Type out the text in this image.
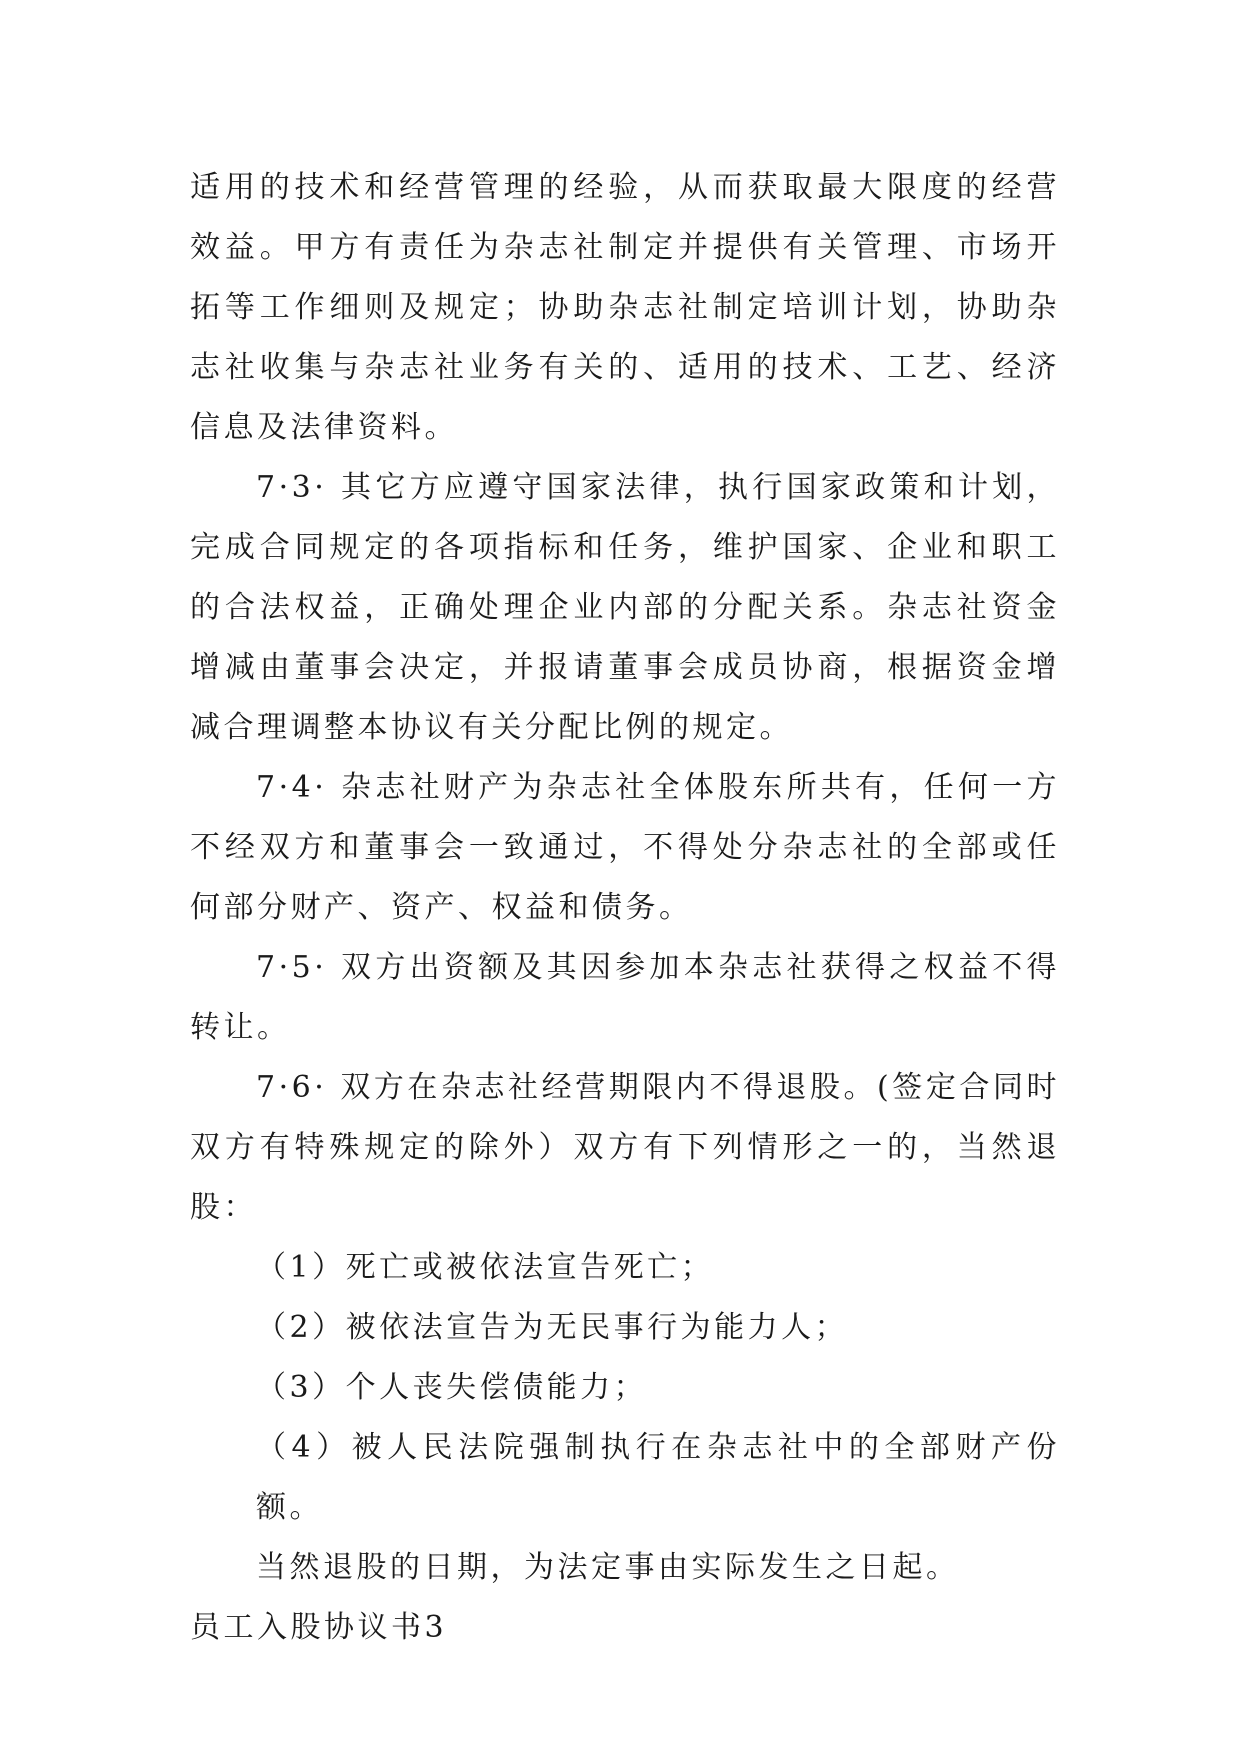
适用的技术和经营管理的经验，从而获取最大限度的经营效益。甲方有责任为杂志社制定并提供有关管理、市场开拓等工作细则及规定；协助杂志社制定培训计划，协助杂志社收集与杂志社业务有关的、适用的技术、工艺、经济信息及法律资料。

7·3· 其它方应遵守国家法律，执行国家政策和计划，完成合同规定的各项指标和任务，维护国家、企业和职工的合法权益，正确处理企业内部的分配关系。杂志社资金增减由董事会决定，并报请董事会成员协商，根据资金增减合理调整本协议有关分配比例的规定。

7·4· 杂志社财产为杂志社全体股东所共有，任何一方不经双方和董事会一致通过，不得处分杂志社的全部或任何部分财产、资产、权益和债务。

7·5· 双方出资额及其因参加本杂志社获得之权益不得转让。

7·6· 双方在杂志社经营期限内不得退股。(签定合同时双方有特殊规定的除外）双方有下列情形之一的，当然退股：

（1）死亡或被依法宣告死亡；

（2）被依法宣告为无民事行为能力人；

（3）个人丧失偿债能力；

（4）被人民法院强制执行在杂志社中的全部财产份额。

当然退股的日期，为法定事由实际发生之日起。

员工入股协议书3
